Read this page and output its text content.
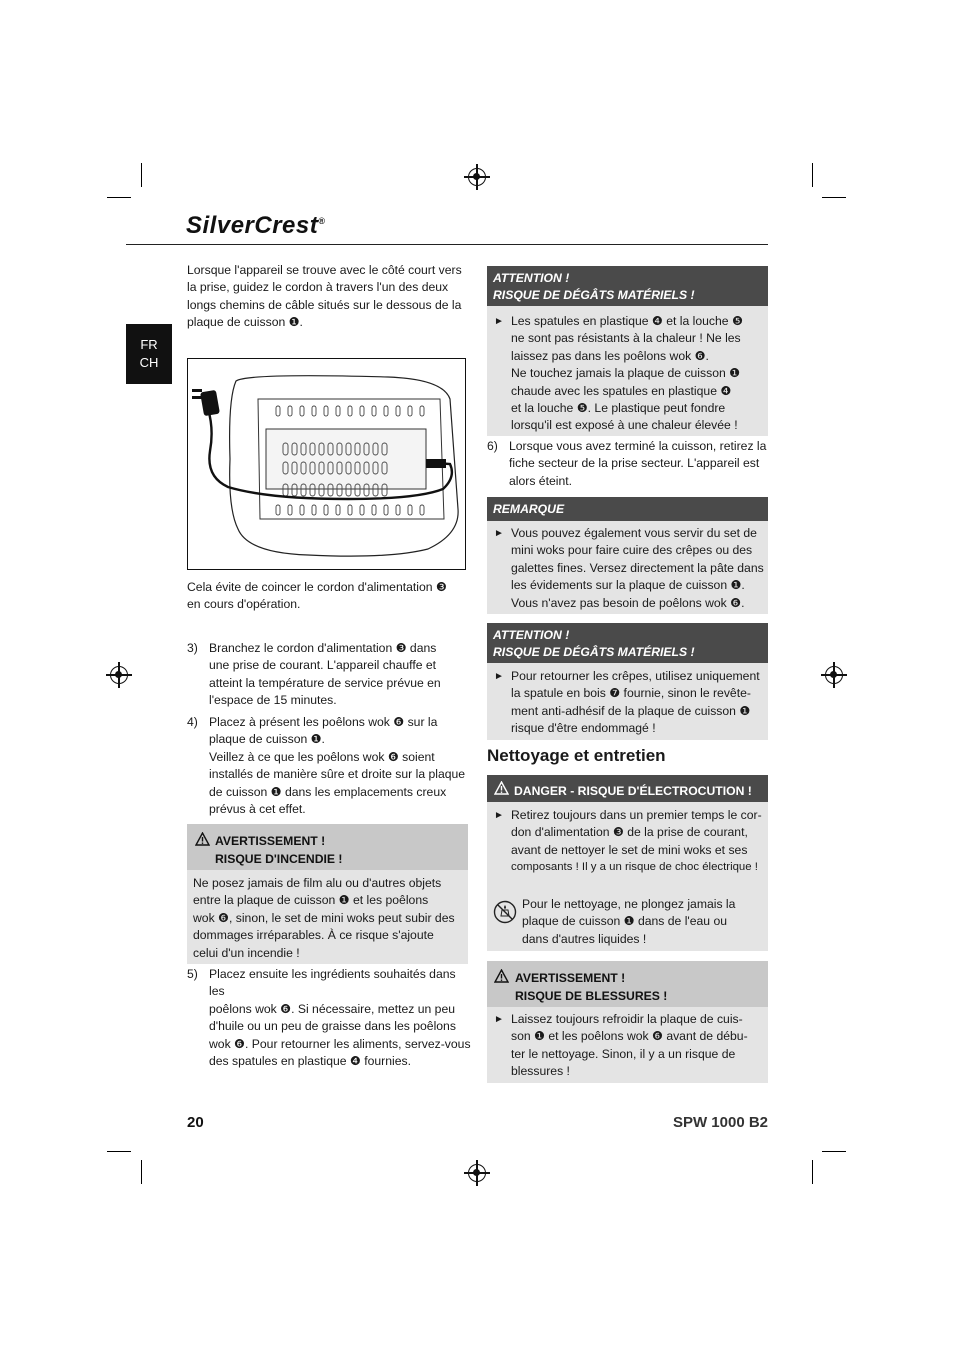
SilverCrest®
FR
CH
Lorsque l'appareil se trouve avec le côté court vers
la prise, guidez le cordon à travers l'un des deux
longs chemins de câble situés sur le dessous de la
plaque de cuisson ❶.
Cela évite de coincer le cordon d'alimentation ❸
en cours d'opération.
3) Branchez le cordon d'alimentation ❸ dans
une prise de courant. L'appareil chauffe et
atteint la température de service prévue en
l'espace de 15 minutes.
4) Placez à présent les poêlons wok ❻ sur la
plaque de cuisson ❶.
Veillez à ce que les poêlons wok ❻ soient
installés de manière sûre et droite sur la plaque
de cuisson ❶ dans les emplacements creux
prévus à cet effet.
AVERTISSEMENT !
RISQUE D'INCENDIE !
Ne posez jamais de film alu ou d'autres objets
entre la plaque de cuisson ❶ et les poêlons
wok ❻, sinon, le set de mini woks peut subir des
dommages irréparables. À ce risque s'ajoute
celui d'un incendie !
5) Placez ensuite les ingrédients souhaités dans les
poêlons wok ❻. Si nécessaire, mettez un peu
d'huile ou un peu de graisse dans les poêlons
wok ❻. Pour retourner les aliments, servez-vous
des spatules en plastique ❹ fournies.
ATTENTION !
RISQUE DE DÉGÂTS MATÉRIELS !
► Les spatules en plastique ❹ et la louche ❺
ne sont pas résistants à la chaleur ! Ne les
laissez pas dans les poêlons wok ❻.
Ne touchez jamais la plaque de cuisson ❶
chaude avec les spatules en plastique ❹
et la louche ❺. Le plastique peut fondre
lorsqu'il est exposé à une chaleur élevée !
6) Lorsque vous avez terminé la cuisson, retirez la
fiche secteur de la prise secteur. L'appareil est
alors éteint.
REMARQUE
► Vous pouvez également vous servir du set de
mini woks pour faire cuire des crêpes ou des
galettes fines. Versez directement la pâte dans
les évidements sur la plaque de cuisson ❶.
Vous n'avez pas besoin de poêlons wok ❻.
ATTENTION !
RISQUE DE DÉGÂTS MATÉRIELS !
► Pour retourner les crêpes, utilisez uniquement
la spatule en bois ❼ fournie, sinon le revête-
ment anti-adhésif de la plaque de cuisson ❶
risque d'être endommagé !
Nettoyage et entretien
DANGER - RISQUE D'ÉLECTROCUTION !
► Retirez toujours dans un premier temps le cor-
don d'alimentation ❸ de la prise de courant,
avant de nettoyer le set de mini woks et ses
composants ! Il y a un risque de choc électrique !
Pour le nettoyage, ne plongez jamais la
plaque de cuisson ❶ dans de l'eau ou
dans d'autres liquides !
AVERTISSEMENT !
RISQUE DE BLESSURES !
► Laissez toujours refroidir la plaque de cuis-
son ❶ et les poêlons wok ❻ avant de débu-
ter le nettoyage. Sinon, il y a un risque de
blessures !
20	SPW 1000 B2
